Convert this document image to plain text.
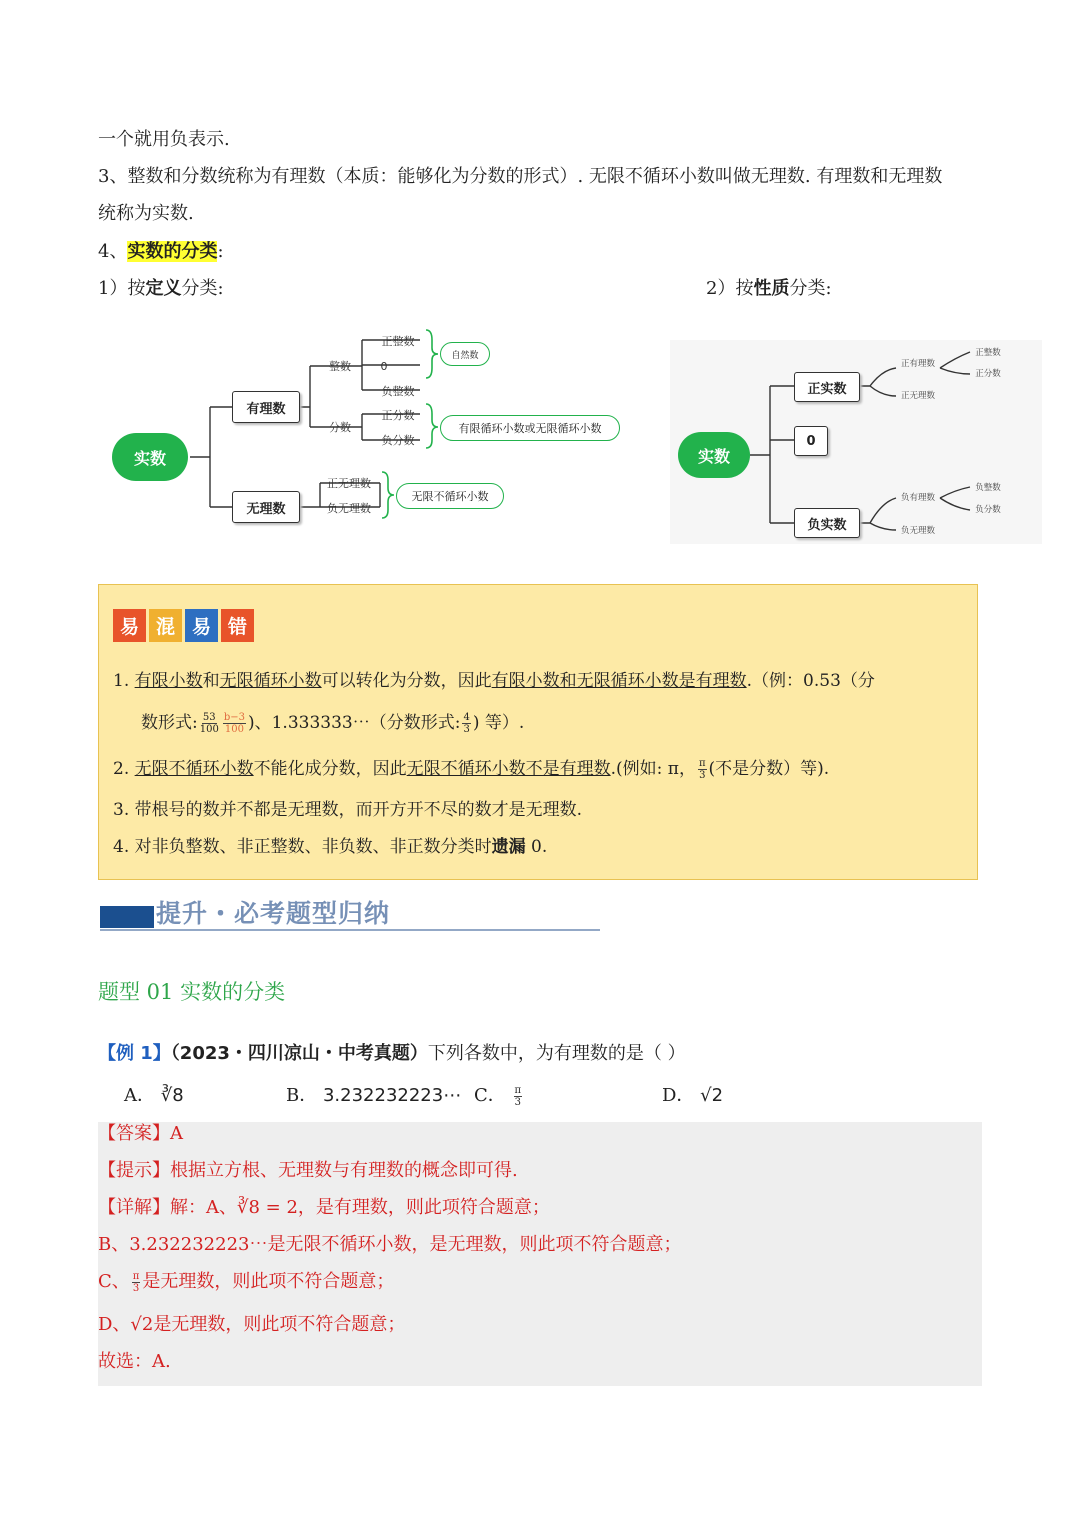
一个就用负表示.
3、整数和分数统称为有理数（本质：能够化为分数的形式）. 无限不循环小数叫做无理数. 有理数和无理数
统称为实数.
4、实数的分类:
1）按定义分类:	2）按性质分类:
实数
有理数
无理数
整数
分数
正整数
0
负整数
正分数
负分数
正无理数
负无理数
自然数
有限循环小数或无限循环小数
无限不循环小数
实数
正实数
0
负实数
正有理数
正无理数
正整数
正分数
负有理数
负无理数
负整数
负分数
易 混 易 错
1. 有限小数和无限循环小数可以转化为分数，因此有限小数和无限循环小数是有理数.（例：0.53（分
数形式: $\frac{53}{100} \frac{b-3}{100}$ )、1.333333⋯（分数形式: $\frac{4}{3}$ ) 等）.
2. 无限不循环小数不能化成分数，因此无限不循环小数不是有理数.(例如: π， $\frac{\pi}{3}$ (不是分数）等).
3. 带根号的数并不都是无理数，而开方开不尽的数才是无理数.
4. 对非负整数、非正整数、非负数、非正数分类时遗漏 0.
提升・必考题型归纳
题型 01 实数的分类
【例 1】（2023・四川凉山・中考真题）下列各数中，为有理数的是（ ）
A． ∛8	B． 3.232232223⋯ C． $\frac{\pi}{3}$	D． √2
【答案】A
【提示】根据立方根、无理数与有理数的概念即可得.
【详解】解：A、∛8 = 2，是有理数，则此项符合题意；
B、3.232232223⋯是无限不循环小数，是无理数，则此项不符合题意；
C、 $\frac{\pi}{3}$ 是无理数，则此项不符合题意；
D、√2是无理数，则此项不符合题意；
故选：A.
